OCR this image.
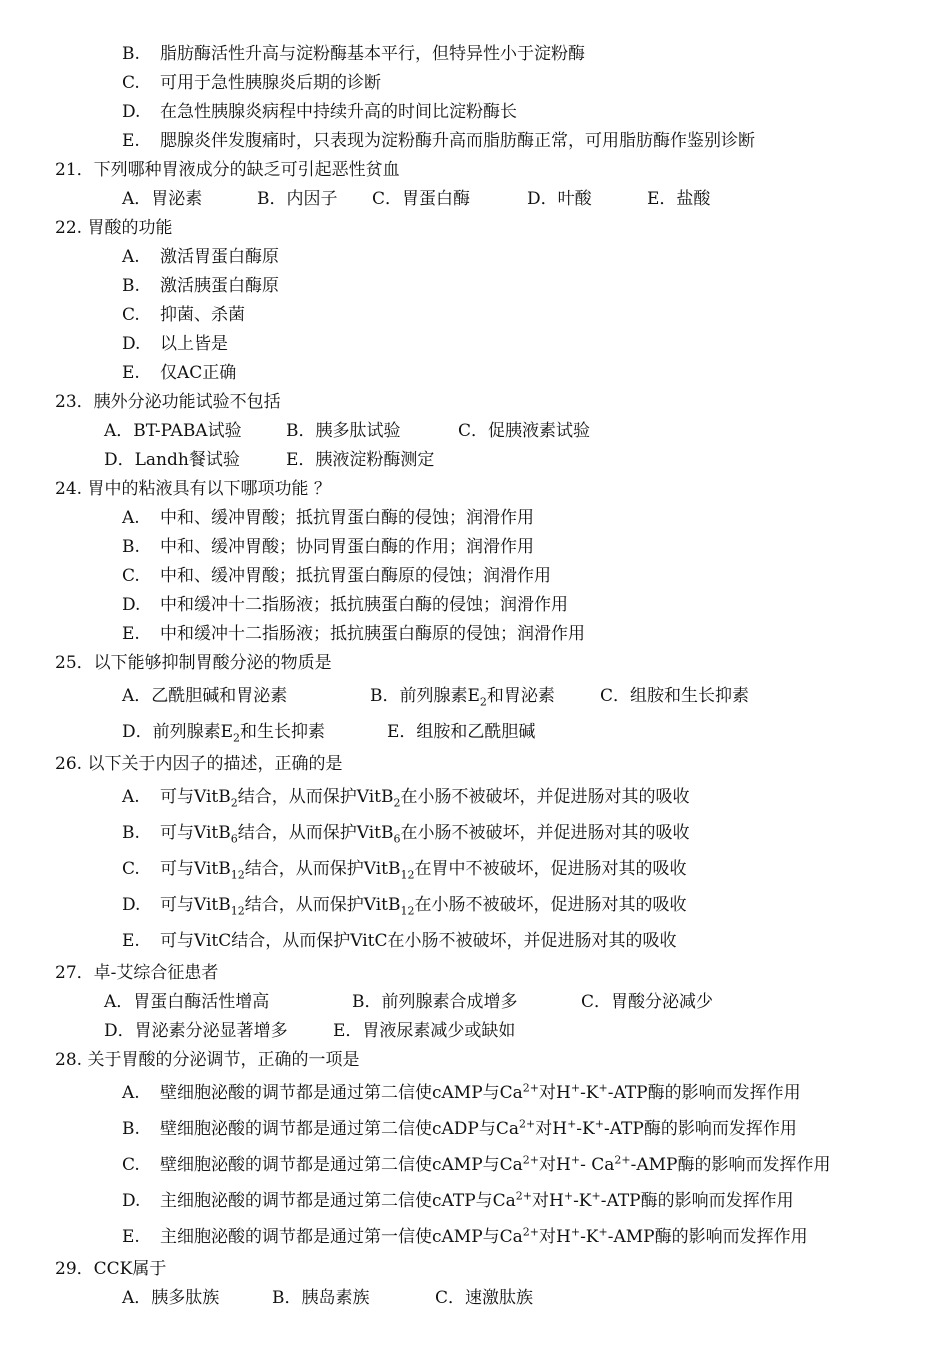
B. 脂肪酶活性升高与淀粉酶基本平行，但特异性小于淀粉酶
C. 可用于急性胰腺炎后期的诊断
D. 在急性胰腺炎病程中持续升高的时间比淀粉酶长
E. 腮腺炎伴发腹痛时，只表现为淀粉酶升高而脂肪酶正常，可用脂肪酶作鉴别诊断
21．下列哪种胃液成分的缺乏可引起恶性贫血
A．胃泌素	B．内因子 C．胃蛋白酶	D．叶酸	E．盐酸
22. 胃酸的功能
A. 激活胃蛋白酶原
B. 激活胰蛋白酶原
C. 抑菌、杀菌
D. 以上皆是
E. 仅AC正确
23．胰外分泌功能试验不包括
A．BT-PABA试验	B．胰多肽试验	C．促胰液素试验
D．Landh餐试验	E．胰液淀粉酶测定
24. 胃中的粘液具有以下哪项功能 ？
A. 中和、缓冲胃酸；抵抗胃蛋白酶的侵蚀；润滑作用
B. 中和、缓冲胃酸；协同胃蛋白酶的作用；润滑作用
C. 中和、缓冲胃酸；抵抗胃蛋白酶原的侵蚀；润滑作用
D. 中和缓冲十二指肠液；抵抗胰蛋白酶的侵蚀；润滑作用
E. 中和缓冲十二指肠液；抵抗胰蛋白酶原的侵蚀；润滑作用
25．以下能够抑制胃酸分泌的物质是
A．乙酰胆碱和胃泌素	B．前列腺素$E_2$和胃泌素	C．组胺和生长抑素
D．前列腺素$E_2$和生长抑素	E．组胺和乙酰胆碱
26. 以下关于内因子的描述，正确的是
A. 可与VitB$_2$结合，从而保护VitB$_2$在小肠不被破坏，并促进肠对其的吸收
B. 可与VitB$_6$结合，从而保护VitB$_6$在小肠不被破坏，并促进肠对其的吸收
C. 可与VitB$_{12}$结合，从而保护VitB$_{12}$在胃中不被破坏，促进肠对其的吸收
D. 可与VitB$_{12}$结合，从而保护VitB$_{12}$在小肠不被破坏，促进肠对其的吸收
E. 可与VitC结合，从而保护VitC在小肠不被破坏，并促进肠对其的吸收
27．卓-艾综合征患者
A．胃蛋白酶活性增高	B．前列腺素合成增多	C．胃酸分泌减少
D．胃泌素分泌显著增多	E．胃液尿素减少或缺如
28. 关于胃酸的分泌调节，正确的一项是
A. 壁细胞泌酸的调节都是通过第二信使cAMP与$Ca^{2+}$对H+-K+-ATP酶的影响而发挥作用
B. 壁细胞泌酸的调节都是通过第二信使cADP与$Ca^{2+}$对H+-K+-ATP酶的影响而发挥作用
C. 壁细胞泌酸的调节都是通过第二信使cAMP与$Ca^{2+}$对H+- $Ca^{2+}$-AMP酶的影响而发挥作用
D. 主细胞泌酸的调节都是通过第二信使cATP与$Ca^{2+}$对H+-K+-ATP酶的影响而发挥作用
E. 主细胞泌酸的调节都是通过第一信使cAMP与$Ca^{2+}$对H+-K+-AMP酶的影响而发挥作用
29．CCK属于
A．胰多肽族	B．胰岛素族	C．速激肽族
